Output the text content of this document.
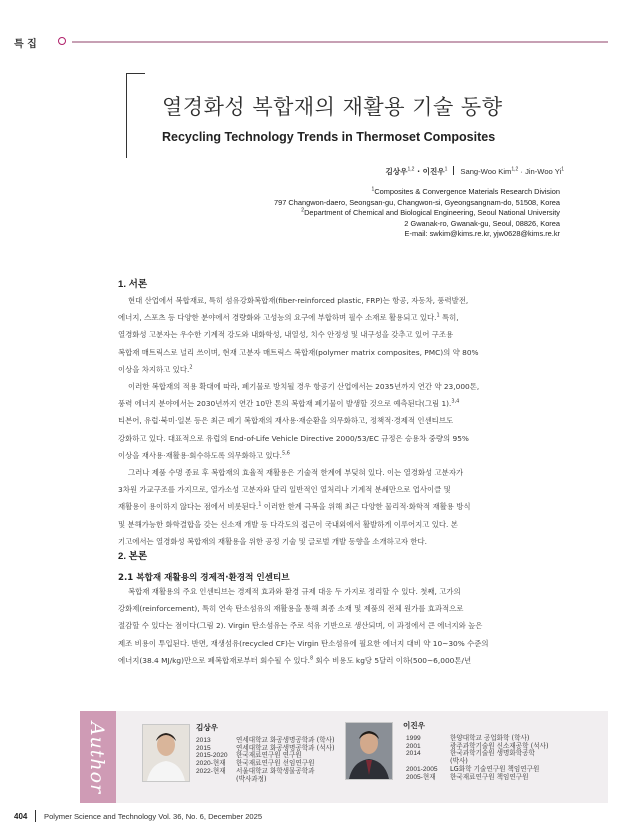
특 집
열경화성 복합재의 재활용 기술 동향
Recycling Technology Trends in Thermoset Composites
김상우$^{1,2}$ · 이진우$^1$ Sang-Woo Kim$^{1,2}$ · Jin-Woo Yi$^1$
$^1$Composites & Convergence Materials Research Division
797 Changwon-daero, Seongsan-gu, Changwon-si, Gyeongsangnam-do, 51508, Korea
$^2$Department of Chemical and Biological Engineering, Seoul National University
2 Gwanak-ro, Gwanak-gu, Seoul, 08826, Korea
E-mail: swkim@kims.re.kr, yjw0628@kims.re.kr
1. 서론
현대 산업에서 복합재료, 특히 섬유강화복합재(fiber-reinforced plastic, FRP)는 항공, 자동차, 풍력발전,
에너지, 스포츠 등 다양한 분야에서 경량화와 고성능의 요구에 부합하며 필수 소재로 활용되고 있다.$^1$ 특히,
열경화성 고분자는 우수한 기계적 강도와 내화학성, 내열성, 치수 안정성 및 내구성을 갖추고 있어 구조용
복합재 매트릭스로 널리 쓰이며, 현재 고분자 매트릭스 복합재(polymer matrix composites, PMC)의 약 80%
이상을 차지하고 있다.$^2$
이러한 복합재의 적용 확대에 따라, 폐기물로 방치될 경우 항공기 산업에서는 2035년까지 연간 약 23,000톤,
풍력 에너지 분야에서는 2030년까지 연간 10만 톤의 복합재 폐기물이 발생할 것으로 예측된다(그림 1).$^{3,4}$
티븐어, 유럽·북미·일본 등은 최근 폐기 복합재의 재사용·재순환을 의무화하고, 정책적·경제적 인센티브도
강화하고 있다. 대표적으로 유럽의 End-of-Life Vehicle Directive 2000/53/EC 규정은 승용차 중량의 95%
이상을 재사용·재활용·회수하도록 의무화하고 있다.$^{5,6}$
그러나 제품 수명 종료 후 복합재의 효율적 재활용은 기술적 한계에 부딪혀 있다. 이는 열경화성 고분자가
3차원 가교구조를 가지므로, 열가소성 고분자와 달리 일반적인 열처리나 기계적 분쇄만으로 업사이클 및
재활용이 용이하지 않다는 점에서 비롯된다.$^1$ 이러한 한계 극복을 위해 최근 다양한 물리적·화학적 재활용 방식
및 분해가능한 화학결합을 갖는 신소재 개발 등 다각도의 접근이 국내외에서 활발하게 이루어지고 있다. 본
기고에서는 열경화성 복합재의 재활용을 위한 공정 기술 및 글로벌 개발 동향을 소개하고자 한다.
2. 본론
2.1 복합재 재활용의 경제적·환경적 인센티브
복합재 재활용의 주요 인센티브는 경제적 효과와 환경 규제 대응 두 가지로 정리할 수 있다. 첫째, 고가의
강화제(reinforcement), 특히 연속 탄소섬유의 재활용을 통해 최종 소재 및 제품의 전체 원가를 효과적으로
절감할 수 있다는 점이다(그림 2). Virgin 탄소섬유는 주로 석유 기반으로 생산되며, 이 과정에서 큰 에너지와 높은
제조 비용이 투입된다. 반면, 재생섬유(recycled CF)는 Virgin 탄소섬유에 필요한 에너지 대비 약 10~30% 수준의
에너지(38.4 MJ/kg)만으로 폐복합재로부터 회수될 수 있다.$^8$ 회수 비용도 kg당 5달러 이하(500~6,000톤/년
Author	김상우
2013	연세대학교 화공생명공학과 (학사)
2015	연세대학교 화공생명공학과 (석사)
2015-2020	한국재료연구원 연구원
2020-현재	한국재료연구원 선임연구원
2022-현재	서울대학교 화학생물공학과
(박사과정)
이진우
1999	한양대학교 공업화학 (학사)
2001	광주과학기술원 신소재공학 (석사)
2014	한국과학기술원 생명화학공학
(박사)
2001-2005	LG화학 기술연구원 책임연구원
2005-현재	한국재료연구원 책임연구원
404 Polymer Science and Technology Vol. 36, No. 6, December 2025
